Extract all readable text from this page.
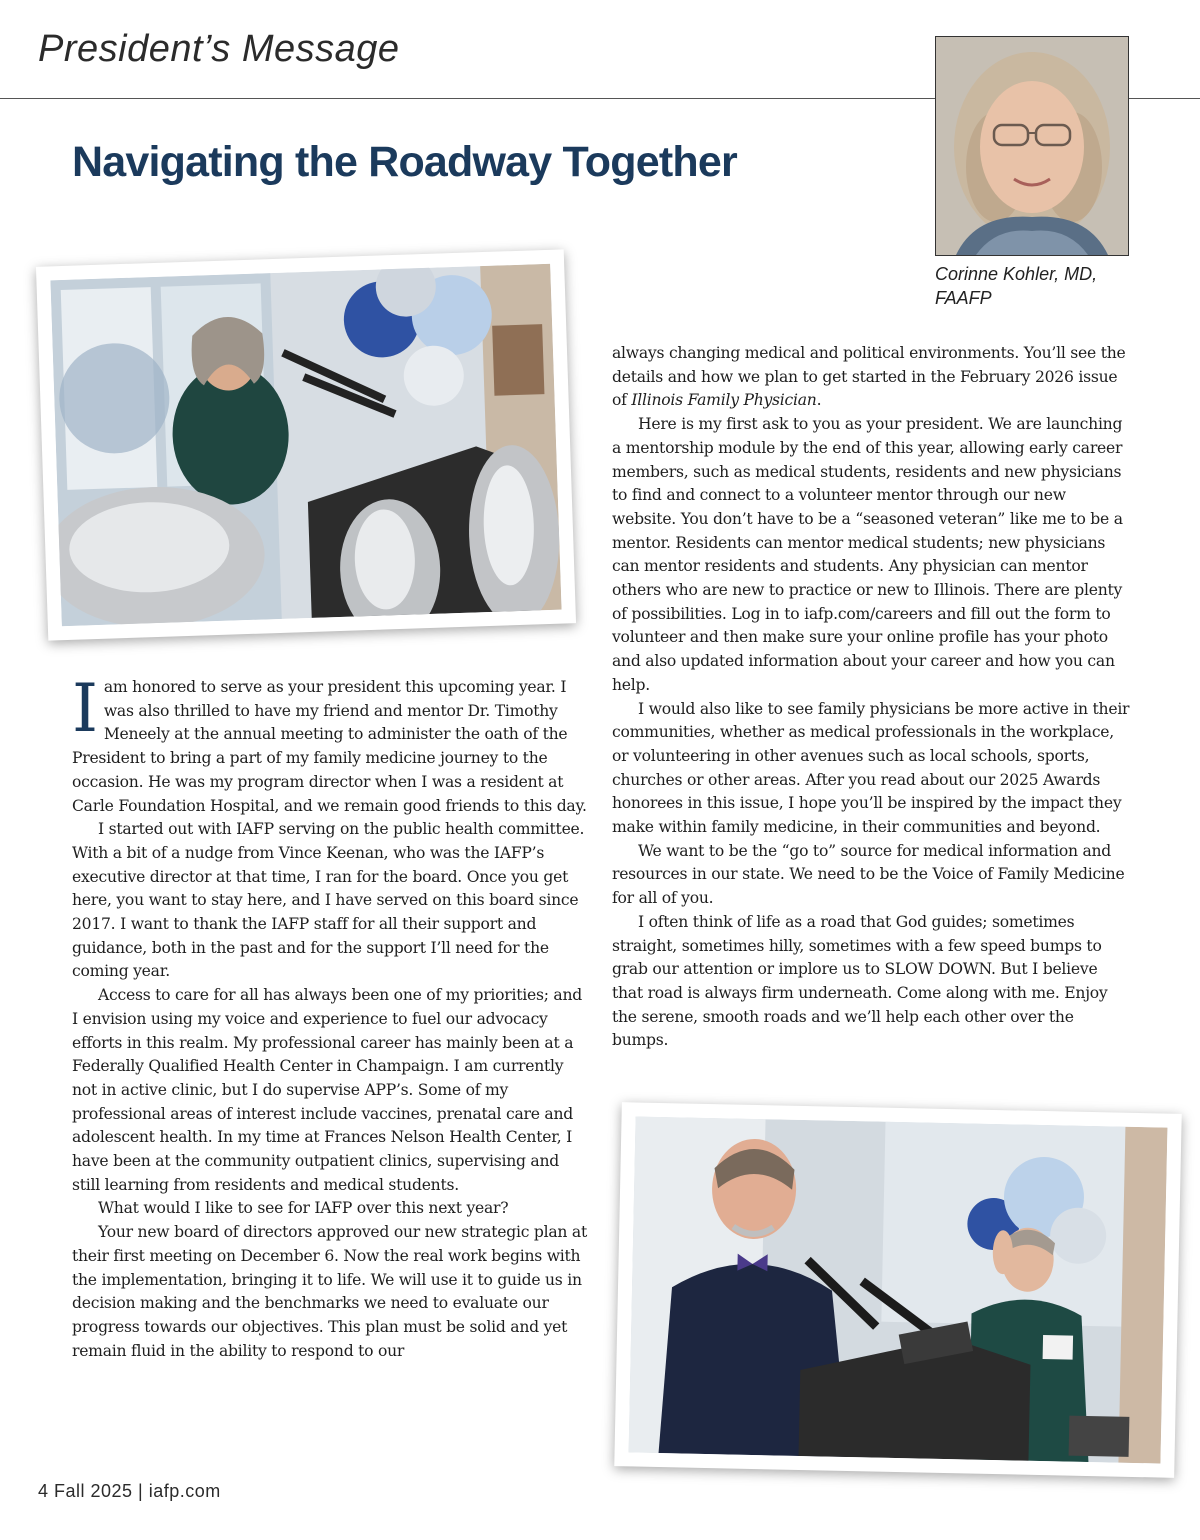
President’s Message
Navigating the Roadway Together

Corinne Kohler, MD,
FAAFP

Iam honored to serve as your president this upcoming year. I was also thrilled to have my friend and mentor Dr. Timothy Meneely at the annual meeting to administer the oath of the President to bring a part of my family medicine journey to the occasion. He was my program director when I was a resident at Carle Foundation Hospital, and we remain good friends to this day.

I started out with IAFP serving on the public health committee. With a bit of a nudge from Vince Keenan, who was the IAFP’s executive director at that time, I ran for the board. Once you get here, you want to stay here, and I have served on this board since 2017. I want to thank the IAFP staff for all their support and guidance, both in the past and for the support I’ll need for the coming year.

Access to care for all has always been one of my priorities; and I envision using my voice and experience to fuel our advocacy efforts in this realm. My professional career has mainly been at a Federally Qualified Health Center in Champaign. I am currently not in active clinic, but I do supervise APP’s. Some of my professional areas of interest include vaccines, prenatal care and adolescent health. In my time at Frances Nelson Health Center, I have been at the community outpatient clinics, supervising and still learning from residents and medical students.

What would I like to see for IAFP over this next year?

Your new board of directors approved our new strategic plan at their first meeting on December 6. Now the real work begins with the implementation, bringing it to life. We will use it to guide us in decision making and the benchmarks we need to evaluate our progress towards our objectives. This plan must be solid and yet remain fluid in the ability to respond to our

always changing medical and political environments. You’ll see the details and how we plan to get started in the February 2026 issue of Illinois Family Physician.

Here is my first ask to you as your president. We are launching a mentorship module by the end of this year, allowing early career members, such as medical students, residents and new physicians to find and connect to a volunteer mentor through our new website. You don’t have to be a “seasoned veteran” like me to be a mentor. Residents can mentor medical students; new physicians can mentor residents and students. Any physician can mentor others who are new to practice or new to Illinois. There are plenty of possibilities. Log in to iafp.com/careers and fill out the form to volunteer and then make sure your online profile has your photo and also updated information about your career and how you can help.

I would also like to see family physicians be more active in their communities, whether as medical professionals in the workplace, or volunteering in other avenues such as local schools, sports, churches or other areas. After you read about our 2025 Awards honorees in this issue, I hope you’ll be inspired by the impact they make within family medicine, in their communities and beyond.

We want to be the “go to” source for medical information and resources in our state. We need to be the Voice of Family Medicine for all of you.

I often think of life as a road that God guides; sometimes straight, sometimes hilly, sometimes with a few speed bumps to grab our attention or implore us to SLOW DOWN. But I believe that road is always firm underneath. Come along with me. Enjoy the serene, smooth roads and we’ll help each other over the bumps.

4 Fall 2025 | iafp.com
